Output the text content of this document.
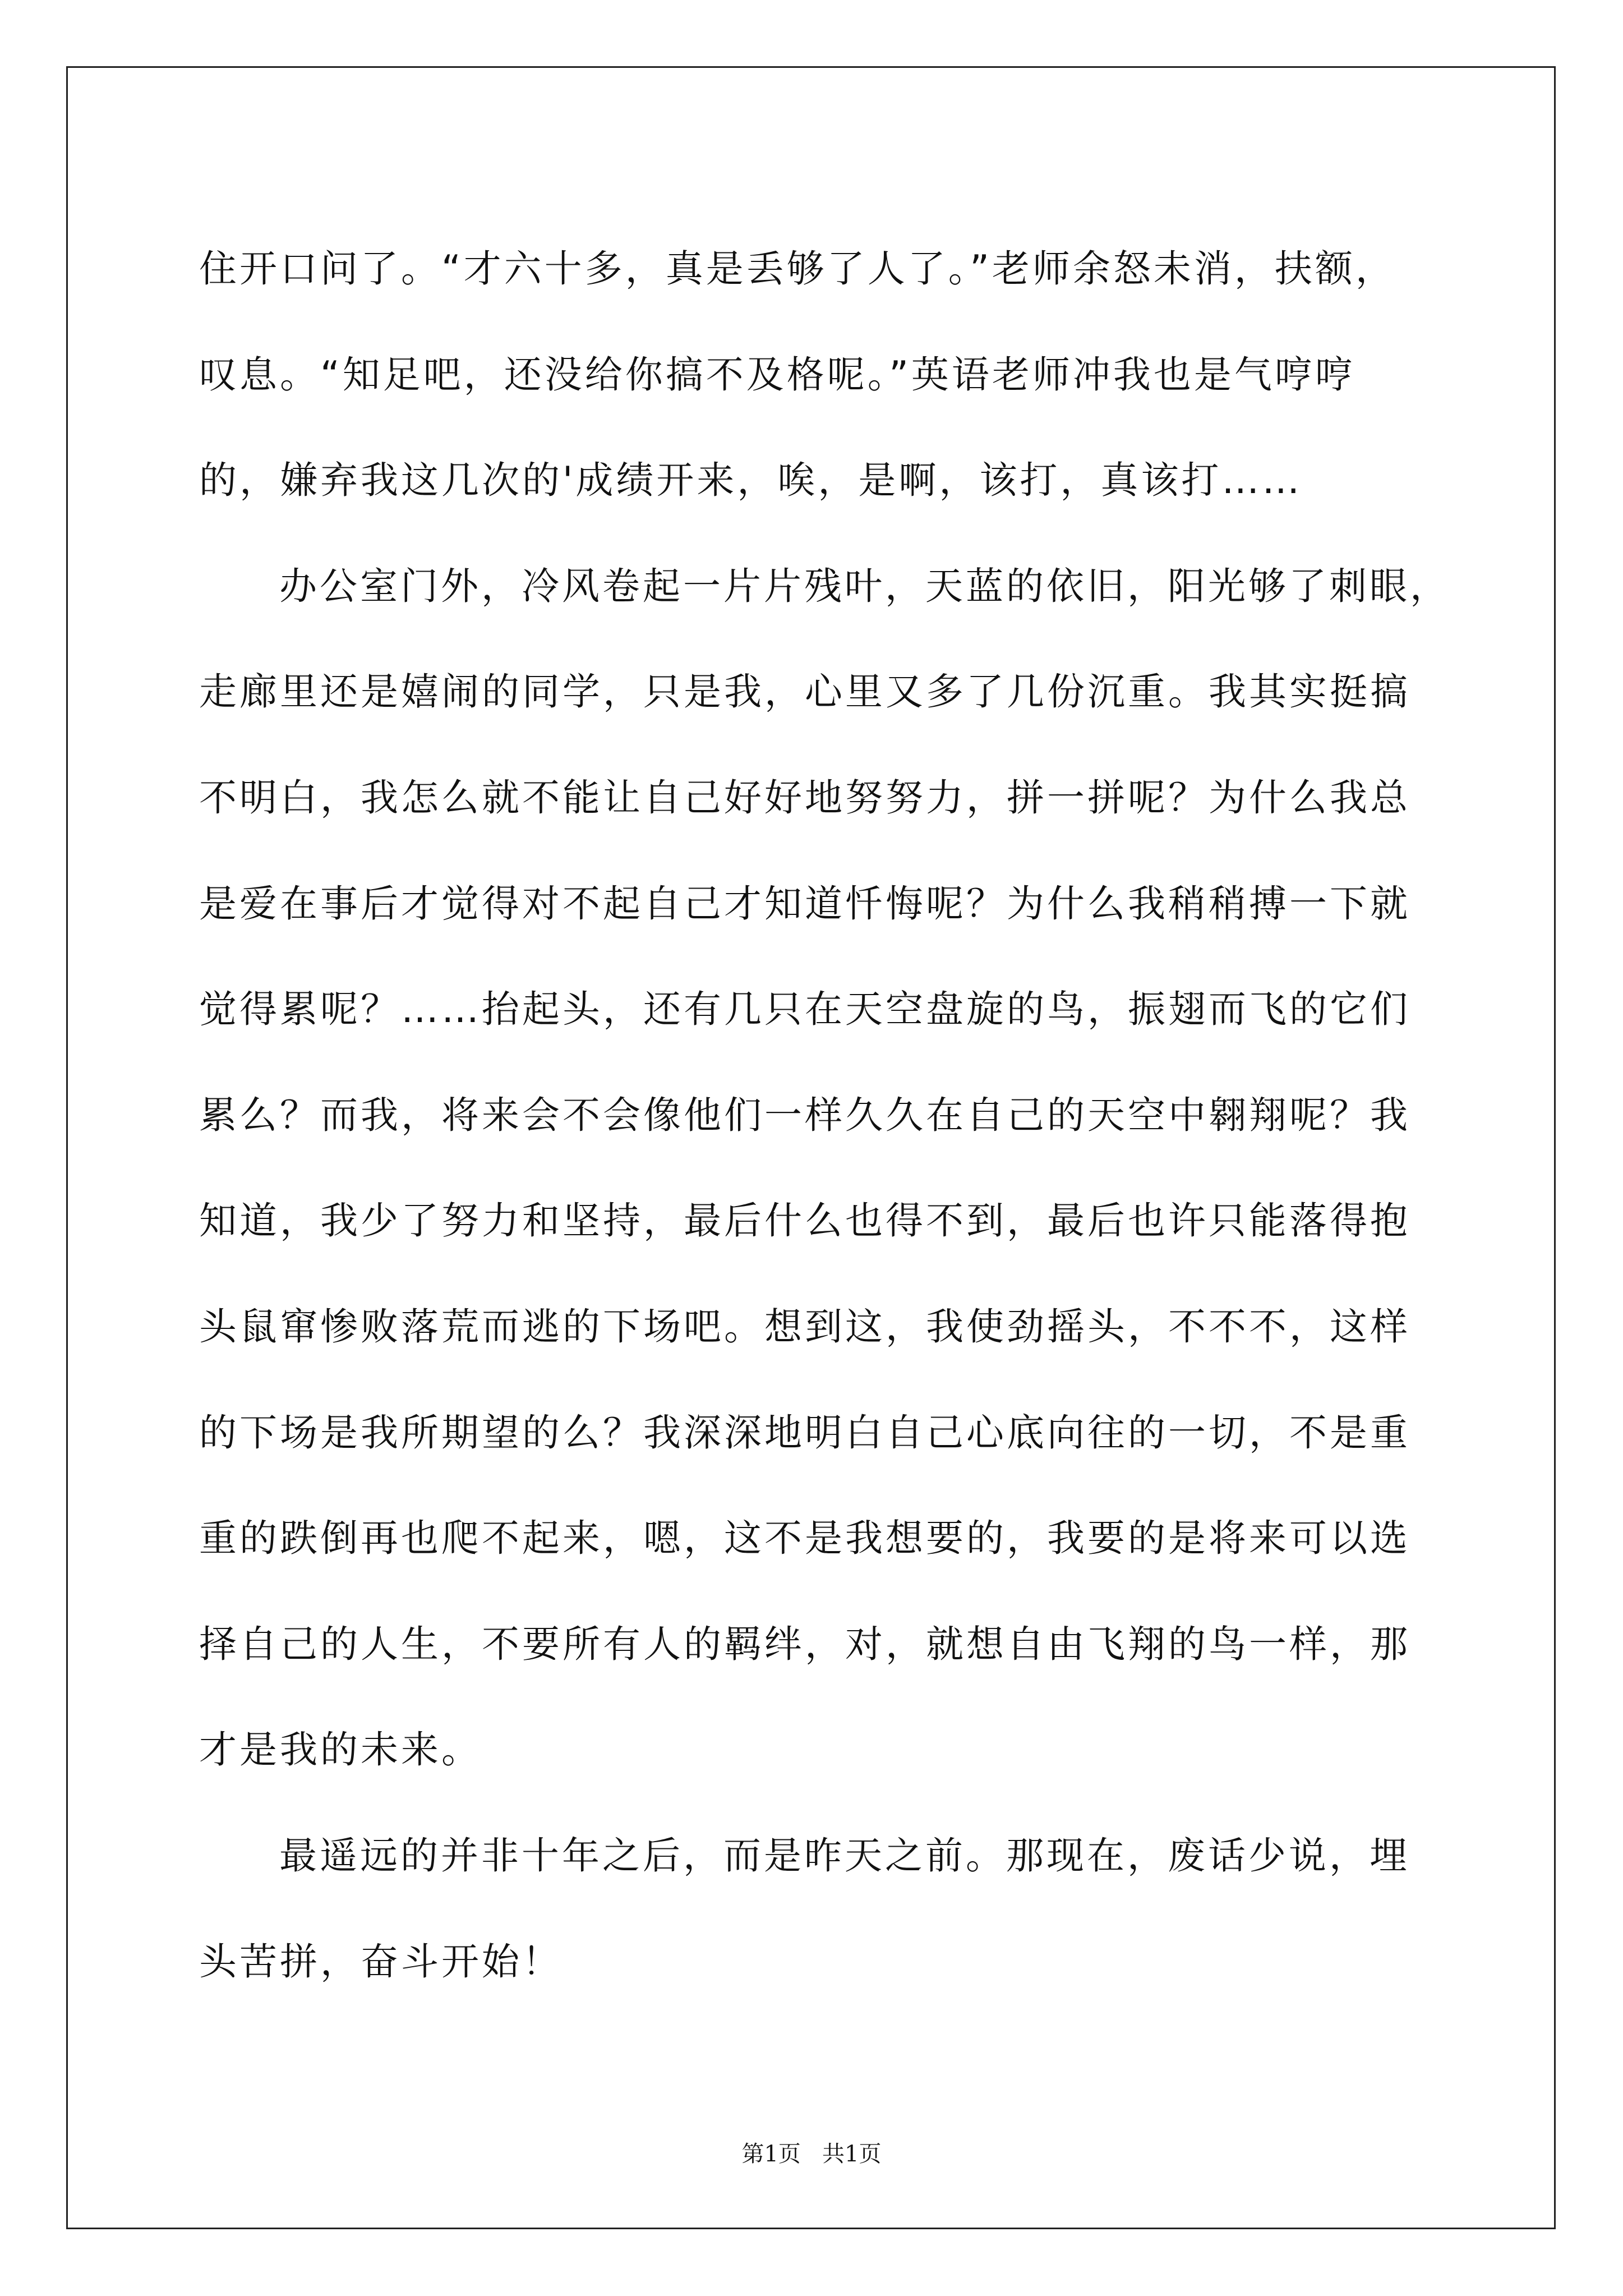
住开口问了。“才六十多，真是丢够了人了。”老师余怒未消，扶额，
叹息。“知足吧，还没给你搞不及格呢。”英语老师冲我也是气哼哼
的，嫌弃我这几次的'成绩开来，唉，是啊，该打，真该打……
办公室门外，冷风卷起一片片残叶，天蓝的依旧，阳光够了刺眼，
走廊里还是嬉闹的同学，只是我，心里又多了几份沉重。我其实挺搞
不明白，我怎么就不能让自己好好地努努力，拼一拼呢？为什么我总
是爱在事后才觉得对不起自己才知道忏悔呢？为什么我稍稍搏一下就
觉得累呢？……抬起头，还有几只在天空盘旋的鸟，振翅而飞的它们
累么？而我，将来会不会像他们一样久久在自己的天空中翱翔呢？我
知道，我少了努力和坚持，最后什么也得不到，最后也许只能落得抱
头鼠窜惨败落荒而逃的下场吧。想到这，我使劲摇头，不不不，这样
的下场是我所期望的么？我深深地明白自己心底向往的一切，不是重
重的跌倒再也爬不起来，嗯，这不是我想要的，我要的是将来可以选
择自己的人生，不要所有人的羁绊，对，就想自由飞翔的鸟一样，那
才是我的未来。
最遥远的并非十年之后，而是昨天之前。那现在，废话少说，埋
头苦拼，奋斗开始！
第1页   共1页
